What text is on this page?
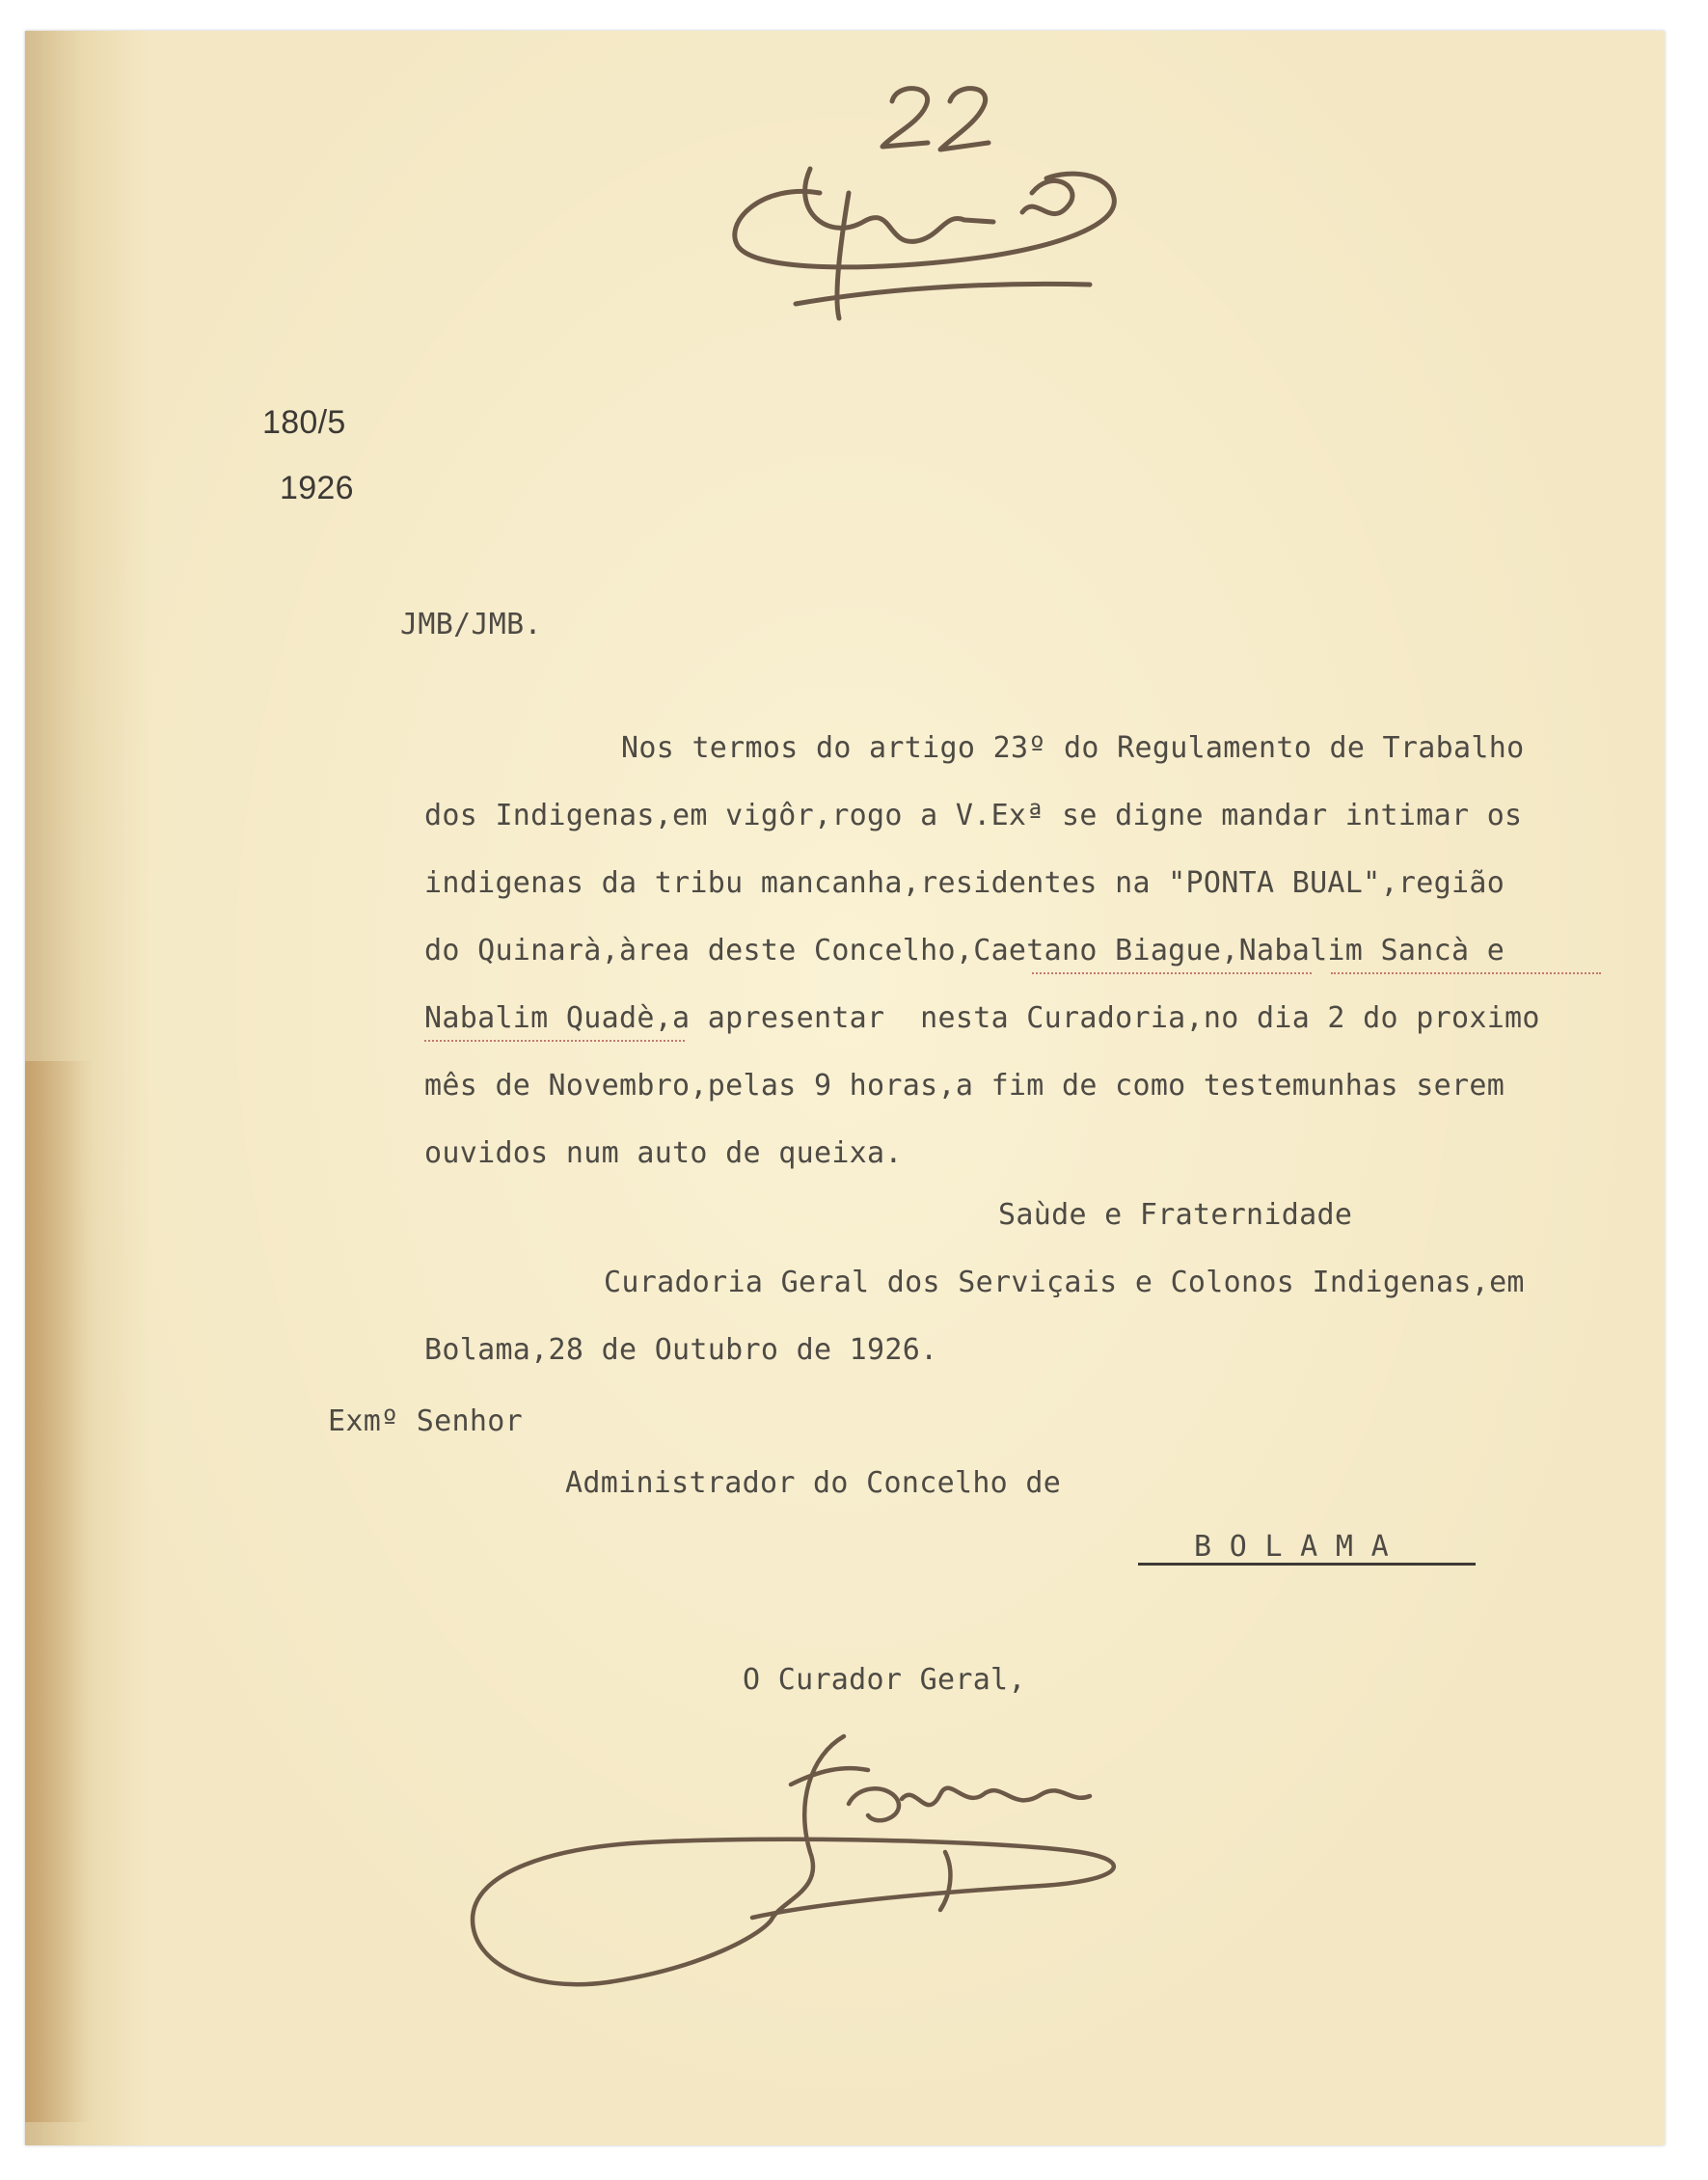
180/5

1926

JMB/JMB.
Nos termos do artigo 23º do Regulamento de Trabalho
dos Indigenas,em vigôr,rogo a V.Exª se digne mandar intimar os
indigenas da tribu mancanha,residentes na "PONTA BUAL",região
do Quinarà,àrea deste Concelho,Caetano Biague,Nabalim Sancà e
Nabalim Quadè,a apresentar  nesta Curadoria,no dia 2 do proximo
mês de Novembro,pelas 9 horas,a fim de como testemunhas serem
ouvidos num auto de queixa.
Saùde e Fraternidade
Curadoria Geral dos Serviçais e Colonos Indigenas,em
Bolama,28 de Outubro de 1926.
Exmº Senhor
Administrador do Concelho de
B O L A M A
O Curador Geral,
